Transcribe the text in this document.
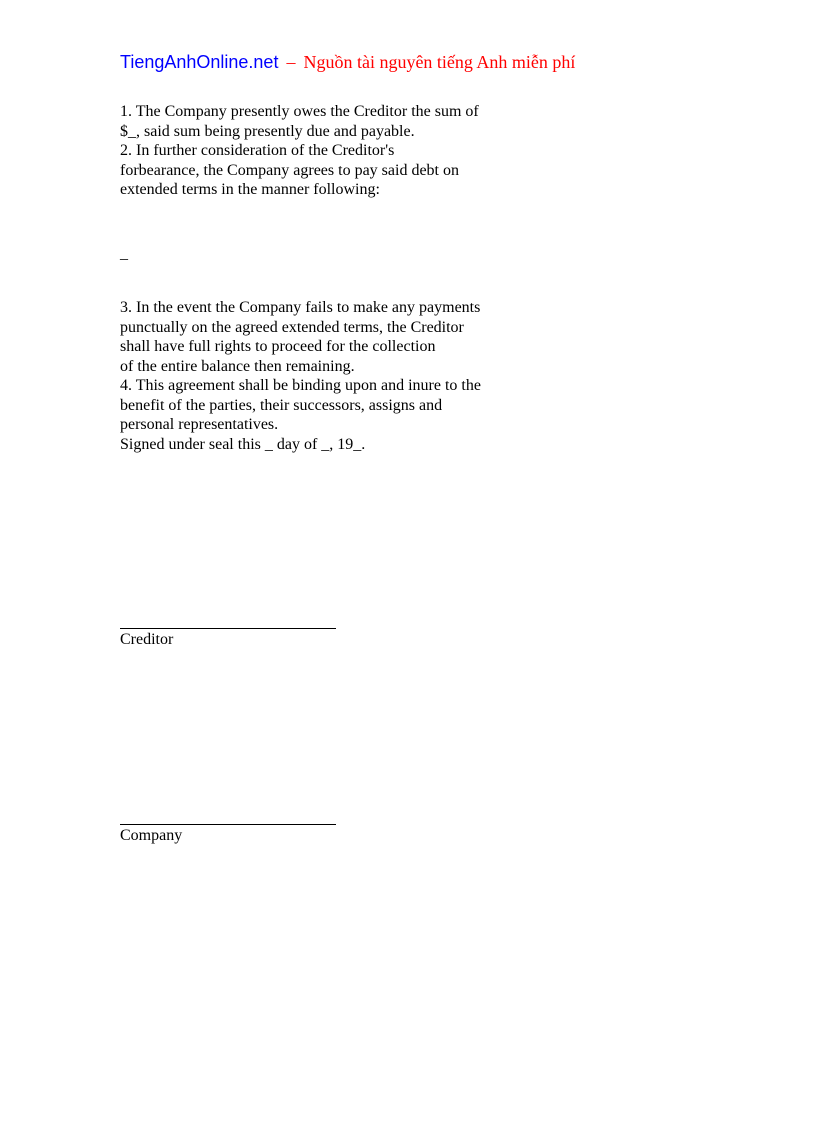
TiengAnhOnline.net – Nguồn tài nguyên tiếng Anh miễn phí
1. The Company presently owes the Creditor the sum of
$_, said sum being presently due and payable.
2. In further consideration of the Creditor's
forbearance, the Company agrees to pay said debt on
extended terms in the manner following:
_
3. In the event the Company fails to make any payments
punctually on the agreed extended terms, the Creditor
shall have full rights to proceed for the collection
of the entire balance then remaining.
4. This agreement shall be binding upon and inure to the
benefit of the parties, their successors, assigns and
personal representatives.
Signed under seal this _ day of _, 19_.
Creditor
Company
